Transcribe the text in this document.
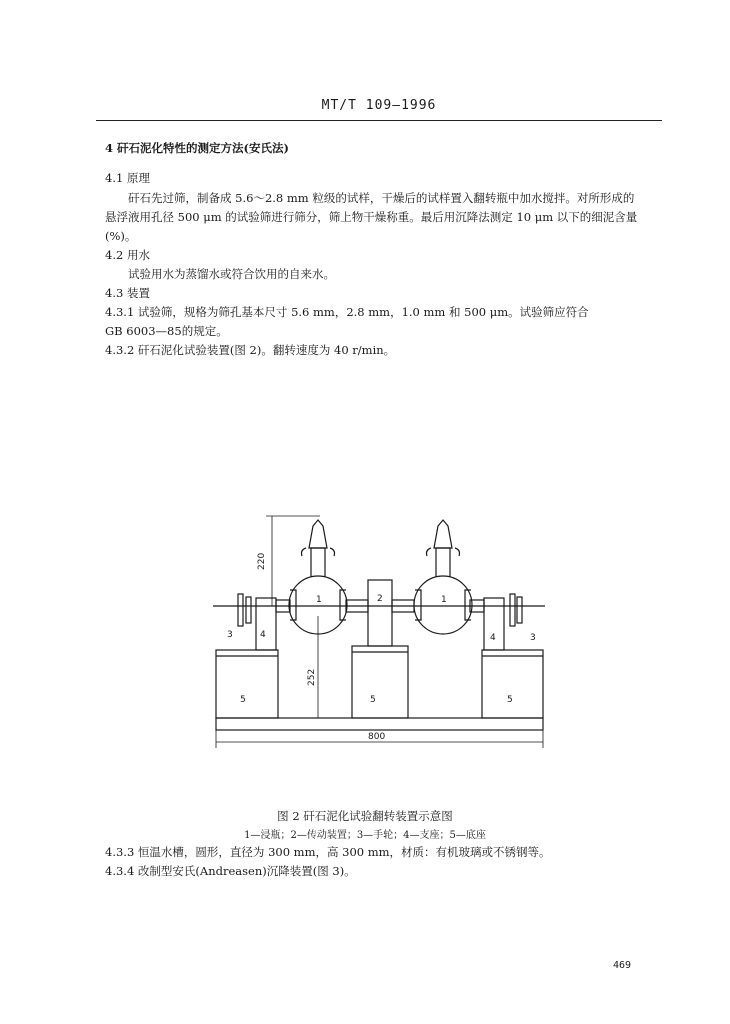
MT/T 109—1996
4 矸石泥化特性的测定方法(安氏法)
4.1 原理
矸石先过筛，制备成 5.6～2.8 mm 粒级的试样，干燥后的试样置入翻转瓶中加水搅拌。对所形成的
悬浮液用孔径 500 μm 的试验筛进行筛分，筛上物干燥称重。最后用沉降法测定 10 μm 以下的细泥含量
(%)。
4.2 用水
试验用水为蒸馏水或符合饮用的自来水。
4.3 装置
4.3.1 试验筛，规格为筛孔基本尺寸 5.6 mm，2.8 mm，1.0 mm 和 500 μm。试验筛应符合
GB 6003—85的规定。
4.3.2 矸石泥化试验装置(图 2)。翻转速度为 40 r/min。
1	1
2
3	3
4	4
5	5	5
220
252
800
图 2 矸石泥化试验翻转装置示意图
1—浸瓶；2—传动装置；3—手轮；4—支座；5—底座
4.3.3 恒温水槽，圆形，直径为 300 mm，高 300 mm，材质：有机玻璃或不锈钢等。
4.3.4 改制型安氏(Andreasen)沉降装置(图 3)。
469
